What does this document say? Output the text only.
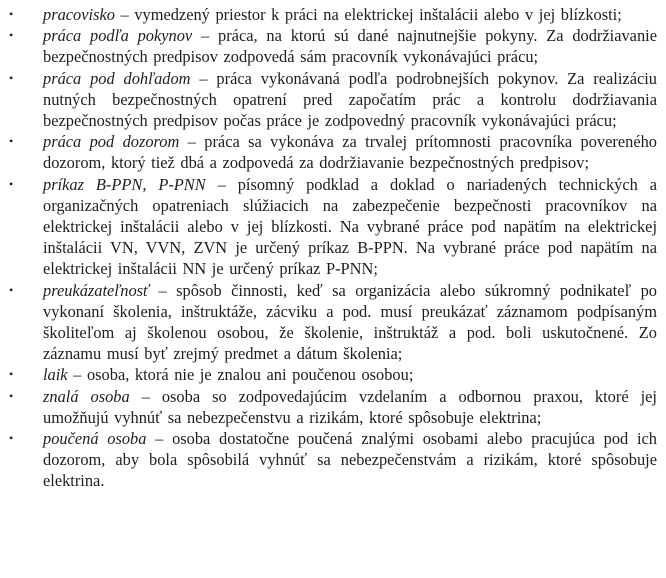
•	pracovisko – vymedzený priestor k práci na elektrickej inštalácii alebo v jej blízkosti;
•	práca podľa pokynov – práca, na ktorú sú dané najnutnejšie pokyny. Za dodržiavanie bezpečnostných predpisov zodpovedá sám pracovník vykonávajúci prácu;
•	práca pod dohľadom – práca vykonávaná podľa podrobnejších pokynov. Za realizáciu nutných bezpečnostných opatrení pred započatím prác a kontrolu dodržiavania bezpečnostných predpisov počas práce je zodpovedný pracovník vykonávajúci prácu;
•	práca pod dozorom – práca sa vykonáva za trvalej prítomnosti pracovníka povereného dozorom, ktorý tiež dbá a zodpovedá za dodržiavanie bezpečnostných predpisov;
•	príkaz B-PPN, P-PNN – písomný podklad a doklad o nariadených technických a organizačných opatreniach slúžiacich na zabezpečenie bezpečnosti pracovníkov na elektrickej inštalácii alebo v jej blízkosti. Na vybrané práce pod napätím na elektrickej inštalácii VN, VVN, ZVN je určený príkaz B-PPN. Na vybrané práce pod napätím na elektrickej inštalácii NN je určený príkaz P-PNN;
•	preukázateľnosť – spôsob činnosti, keď sa organizácia alebo súkromný podnikateľ po vykonaní školenia, inštruktáže, zácviku a pod. musí preukázať záznamom podpísaným školiteľom aj školenou osobou, že školenie, inštruktáž a pod. boli uskutočnené. Zo záznamu musí byť zrejmý predmet a dátum školenia;
•	laik – osoba, ktorá nie je znalou ani poučenou osobou;
•	znalá osoba – osoba so zodpovedajúcim vzdelaním a odbornou praxou, ktoré jej umožňujú vyhnúť sa nebezpečenstvu a rizikám, ktoré spôsobuje elektrina;
•	poučená osoba – osoba dostatočne poučená znalými osobami alebo pracujúca pod ich dozorom, aby bola spôsobilá vyhnúť sa nebezpečenstvám a rizikám, ktoré spôsobuje elektrina.
